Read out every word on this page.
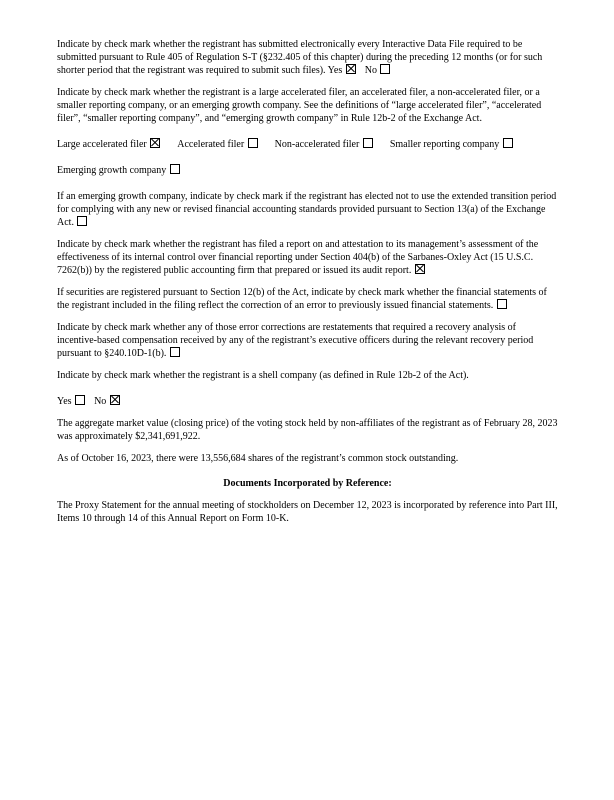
Indicate by check mark whether the registrant has submitted electronically every Interactive Data File required to be submitted pursuant to Rule 405 of Regulation S-T (§232.405 of this chapter) during the preceding 12 months (or for such shorter period that the registrant was required to submit such files). Yes No
Indicate by check mark whether the registrant is a large accelerated filer, an accelerated filer, a non-accelerated filer, or a smaller reporting company, or an emerging growth company. See the definitions of “large accelerated filer”, “accelerated filer”, “smaller reporting company”, and “emerging growth company” in Rule 12b-2 of the Exchange Act.
Large accelerated filer	Accelerated filer	Non-accelerated filer	Smaller reporting company
Emerging growth company
If an emerging growth company, indicate by check mark if the registrant has elected not to use the extended transition period for complying with any new or revised financial accounting standards provided pursuant to Section 13(a) of the Exchange Act.
Indicate by check mark whether the registrant has filed a report on and attestation to its management’s assessment of the effectiveness of its internal control over financial reporting under Section 404(b) of the Sarbanes-Oxley Act (15 U.S.C. 7262(b)) by the registered public accounting firm that prepared or issued its audit report.
If securities are registered pursuant to Section 12(b) of the Act, indicate by check mark whether the financial statements of the registrant included in the filing reflect the correction of an error to previously issued financial statements.
Indicate by check mark whether any of those error corrections are restatements that required a recovery analysis of incentive-based compensation received by any of the registrant’s executive officers during the relevant recovery period pursuant to §240.10D-1(b).
Indicate by check mark whether the registrant is a shell company (as defined in Rule 12b-2 of the Act).
Yes No
The aggregate market value (closing price) of the voting stock held by non-affiliates of the registrant as of February 28, 2023 was approximately $2,341,691,922.
As of October 16, 2023, there were 13,556,684 shares of the registrant’s common stock outstanding.
Documents Incorporated by Reference:
The Proxy Statement for the annual meeting of stockholders on December 12, 2023 is incorporated by reference into Part III, Items 10 through 14 of this Annual Report on Form 10-K.
